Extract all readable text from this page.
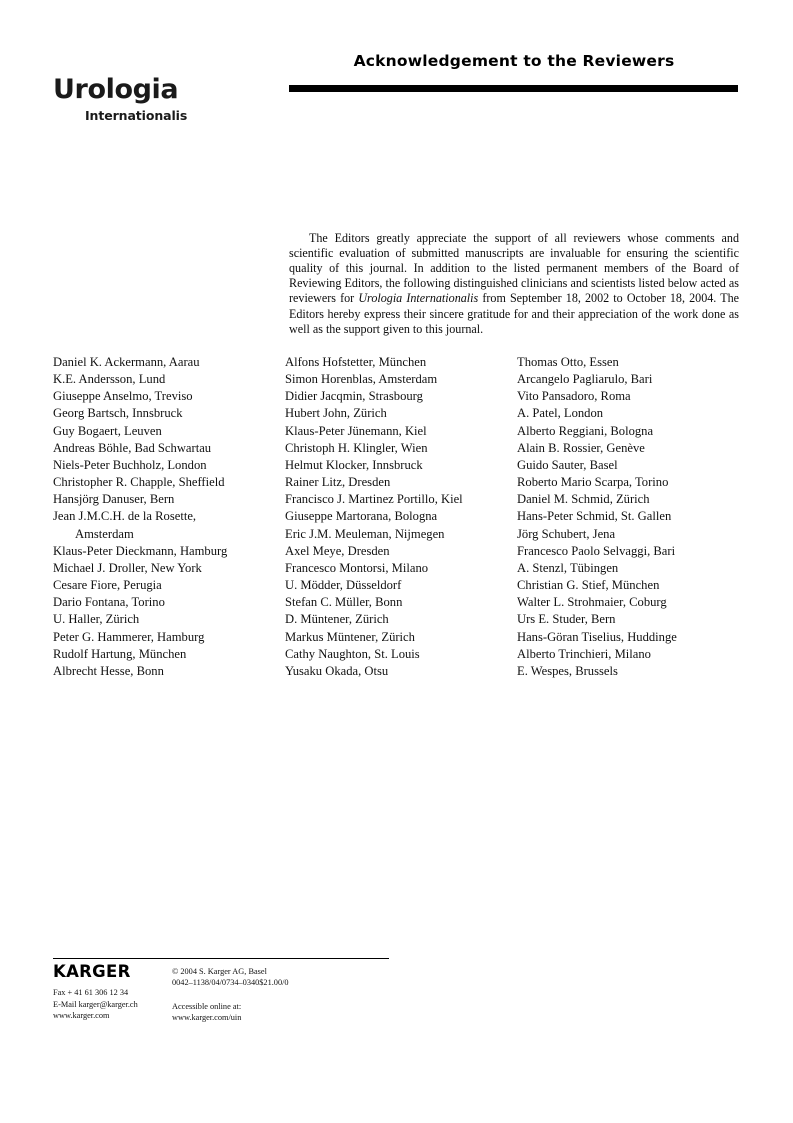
Urologia
Internationalis
Acknowledgement to the Reviewers

The Editors greatly appreciate the support of all reviewers whose comments and scientific evaluation of submitted manuscripts are invaluable for ensuring the scientific quality of this journal. In addition to the listed permanent members of the Board of Reviewing Editors, the following distinguished clinicians and scientists listed below acted as reviewers for Urologia Internationalis from September 18, 2002 to October 18, 2004. The Editors hereby express their sincere gratitude for and their appreciation of the work done as well as the support given to this journal.

Daniel K. Ackermann, Aarau
K.E. Andersson, Lund
Giuseppe Anselmo, Treviso
Georg Bartsch, Innsbruck
Guy Bogaert, Leuven
Andreas Böhle, Bad Schwartau
Niels-Peter Buchholz, London
Christopher R. Chapple, Sheffield
Hansjörg Danuser, Bern
Jean J.M.C.H. de la Rosette,
Amsterdam
Klaus-Peter Dieckmann, Hamburg
Michael J. Droller, New York
Cesare Fiore, Perugia
Dario Fontana, Torino
U. Haller, Zürich
Peter G. Hammerer, Hamburg
Rudolf Hartung, München
Albrecht Hesse, Bonn
Alfons Hofstetter, München
Simon Horenblas, Amsterdam
Didier Jacqmin, Strasbourg
Hubert John, Zürich
Klaus-Peter Jünemann, Kiel
Christoph H. Klingler, Wien
Helmut Klocker, Innsbruck
Rainer Litz, Dresden
Francisco J. Martinez Portillo, Kiel
Giuseppe Martorana, Bologna
Eric J.M. Meuleman, Nijmegen
Axel Meye, Dresden
Francesco Montorsi, Milano
U. Mödder, Düsseldorf
Stefan C. Müller, Bonn
D. Müntener, Zürich
Markus Müntener, Zürich
Cathy Naughton, St. Louis
Yusaku Okada, Otsu
Thomas Otto, Essen
Arcangelo Pagliarulo, Bari
Vito Pansadoro, Roma
A. Patel, London
Alberto Reggiani, Bologna
Alain B. Rossier, Genève
Guido Sauter, Basel
Roberto Mario Scarpa, Torino
Daniel M. Schmid, Zürich
Hans-Peter Schmid, St. Gallen
Jörg Schubert, Jena
Francesco Paolo Selvaggi, Bari
A. Stenzl, Tübingen
Christian G. Stief, München
Walter L. Strohmaier, Coburg
Urs E. Studer, Bern
Hans-Göran Tiselius, Huddinge
Alberto Trinchieri, Milano
E. Wespes, Brussels
KARGER
Fax + 41 61 306 12 34
E-Mail karger@karger.ch
www.karger.com
© 2004 S. Karger AG, Basel
0042–1138/04/0734–0340$21.00/0
Accessible online at:
www.karger.com/uin
